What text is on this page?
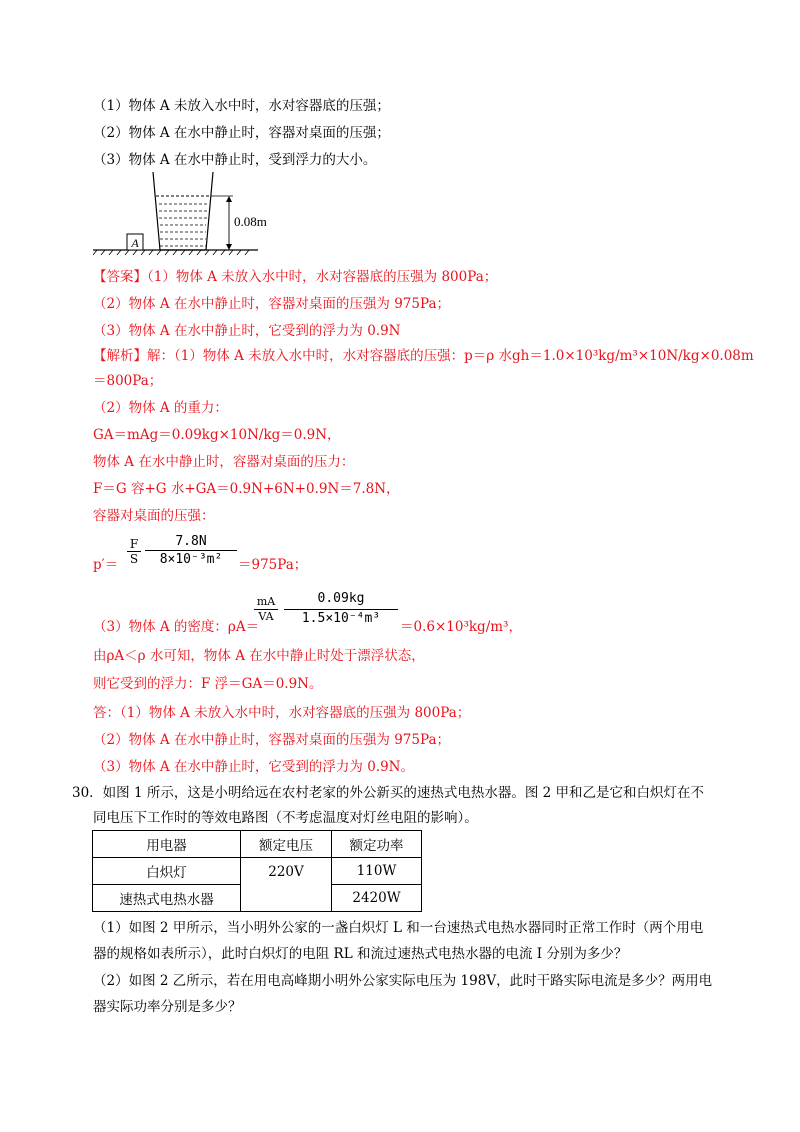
（1）物体 A 未放入水中时，水对容器底的压强；
（2）物体 A 在水中静止时，容器对桌面的压强；
（3）物体 A 在水中静止时，受到浮力的大小。
A
0.08m
【答案】（1）物体 A 未放入水中时，水对容器底的压强为 800Pa；
（2）物体 A 在水中静止时，容器对桌面的压强为 975Pa；
（3）物体 A 在水中静止时，它受到的浮力为 0.9N
【解析】解：（1）物体 A 未放入水中时，水对容器底的压强：p＝ρ 水gh＝1.0×10³kg/m³×10N/kg×0.08m
＝800Pa；
（2）物体 A 的重力：
GA＝mAg＝0.09kg×10N/kg＝0.9N，
物体 A 在水中静止时，容器对桌面的压力：
F＝G 容+G 水+GA＝0.9N+6N+0.9N＝7.8N，
容器对桌面的压强：
$p'= \frac{F}{S} \frac{7.8N}{\text{8×10⁻³m²}} =975Pa$；
（3）物体 A 的密度：ρA＝
$\frac{mA}{VA} \frac{0.09kg}{\text{1.5×10⁻⁴m³}} =0.6\times 10^3kg/m^3$，
由ρA＜ρ 水可知，物体 A 在水中静止时处于漂浮状态，
则它受到的浮力：F 浮＝GA＝0.9N。
答：（1）物体 A 未放入水中时，水对容器底的压强为 800Pa；
（2）物体 A 在水中静止时，容器对桌面的压强为 975Pa；
（3）物体 A 在水中静止时，它受到的浮力为 0.9N。
30．如图 1 所示，这是小明给远在农村老家的外公新买的速热式电热水器。图 2 甲和乙是它和白炽灯在不
同电压下工作时的等效电路图（不考虑温度对灯丝电阻的影响）。
用电器	额定电压	额定功率
白炽灯	220V	110W
速热式电热水器		2420W
（1）如图 2 甲所示，当小明外公家的一盏白炽灯 L 和一台速热式电热水器同时正常工作时（两个用电
器的规格如表所示），此时白炽灯的电阻 RL 和流过速热式电热水器的电流 I 分别为多少？
（2）如图 2 乙所示，若在用电高峰期小明外公家实际电压为 198V，此时干路实际电流是多少？两用电
器实际功率分别是多少？
